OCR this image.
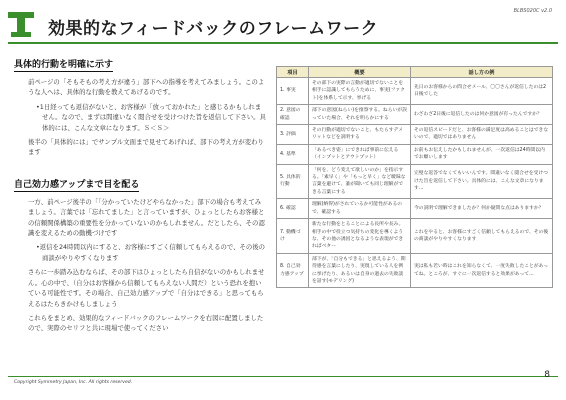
BLBS020C v2.0
効果的なフィードバックのフレームワーク
具体的行動を明確に示す

前ページの「そもそもの考え方が違う」部下への指導を考えてみましょう。このような人へは、具体的な行動を教えてあげるのです。

•1日経っても返信がないと、お客様が「放っておかれた」と感じるかもしれません。なので、まずは間違いなく閲合せを受けつけた旨を返信して下さい。具体的には、こんな文章になります。Ｓ＜Ｓ＞

後半の「具体的には」でサンプル文面まで見せてあげれば、部下の考え方が変わります

自己効力感アップまで目を配る

一方、前ページ後半の「「分かっていたけどやらなかった」部下の場合も考えてみましょう。言葉では「忘れてました」と言っていますが、ひょっとしたらお客様との信頼関係構築の重要性を分かっていないのかもしれません。だとしたら、その認識を変えるための動機づけです

•返信を24時間以内にすると、お客様にすごく信頼してもらえるので、その後の商談がやりやすくなります

さらに一歩踏み込むならば、その部下はひょっとしたら自信がないのかもしれません。心の中で、（自分はお客様から信頼してもらえない人間だ）という恐れを抱いている可能性です。その場合、自己効力感アップで「自分はできる」と思ってもらえるはたらきかけもしましょう

これらをまとめ、効果的なフィードバックのフレームワークを右図に配置しましたので、実際のセリフと共に現場で使ってください

項目	概要	話し方の例
1. 事実	その部下の実際の言動が適切でないことを相手に認識してもらうために、事実(ファクト)を体系して示す、挙げる	先日のお客様からの問合せメール、〇〇さんが返信したのは2日後でした
2. 意図の確認	部下の意図(ねらい)を推察する。ねらいが誤っていた場合、それを明らかにする	わざわざ2日後に返信したのは何か意図が有ったんですか？
3. 評価	その行動が適切でないこと、もたらすデメリットなどを説明する	その返信スピードだと、お客様の満足度は高めることはできないので、適切ではありません
4. 基準	「あるべき姿」にできれば事前に伝える（インプットとアウトプット）	お前もお伝えしたかもしれませんが、一次返信は24時間以内でお願いします
5. 具体的行動	「何を、どう変えて欲しいのか」を指示する。「素早く」や「もっと早く」など曖昧な言葉を避けて、誰が聞いても同じ理解ができる言葉にする	完璧な返答でなくてもいいんです。間違いなく閲合せを受けつけた旨を返信して下さい。具体的には、こんな文章になります...
6. 確認	理解(納得)がされているか可能性があるので、確認する	今の説明で理解できましたか？何か疑問な点はありますか？
7. 動機づけ	新たな行動をとることによる長所や長み。相手の中で役立つ気持ちの変化を導くような、その他の誘因となるような表現ができればベター	これをやると、お客様にすごく信頼してもらえるので、その後の商談がやりやすくなります
8. 自己効力感アップ	部下が、「自分もできる」と思えるよう、期待感を言葉にしたり、実現している人を例に挙げたり、あるいは自身の過去の失敗談を話す(モデリング)	実は私も若い時はこれを知らなくて、一度失敗したことがあってね。ところが、すぐに一次返信すると効果があって...
Copyright Symmetry Japan, Inc. All rights reserved.
8
